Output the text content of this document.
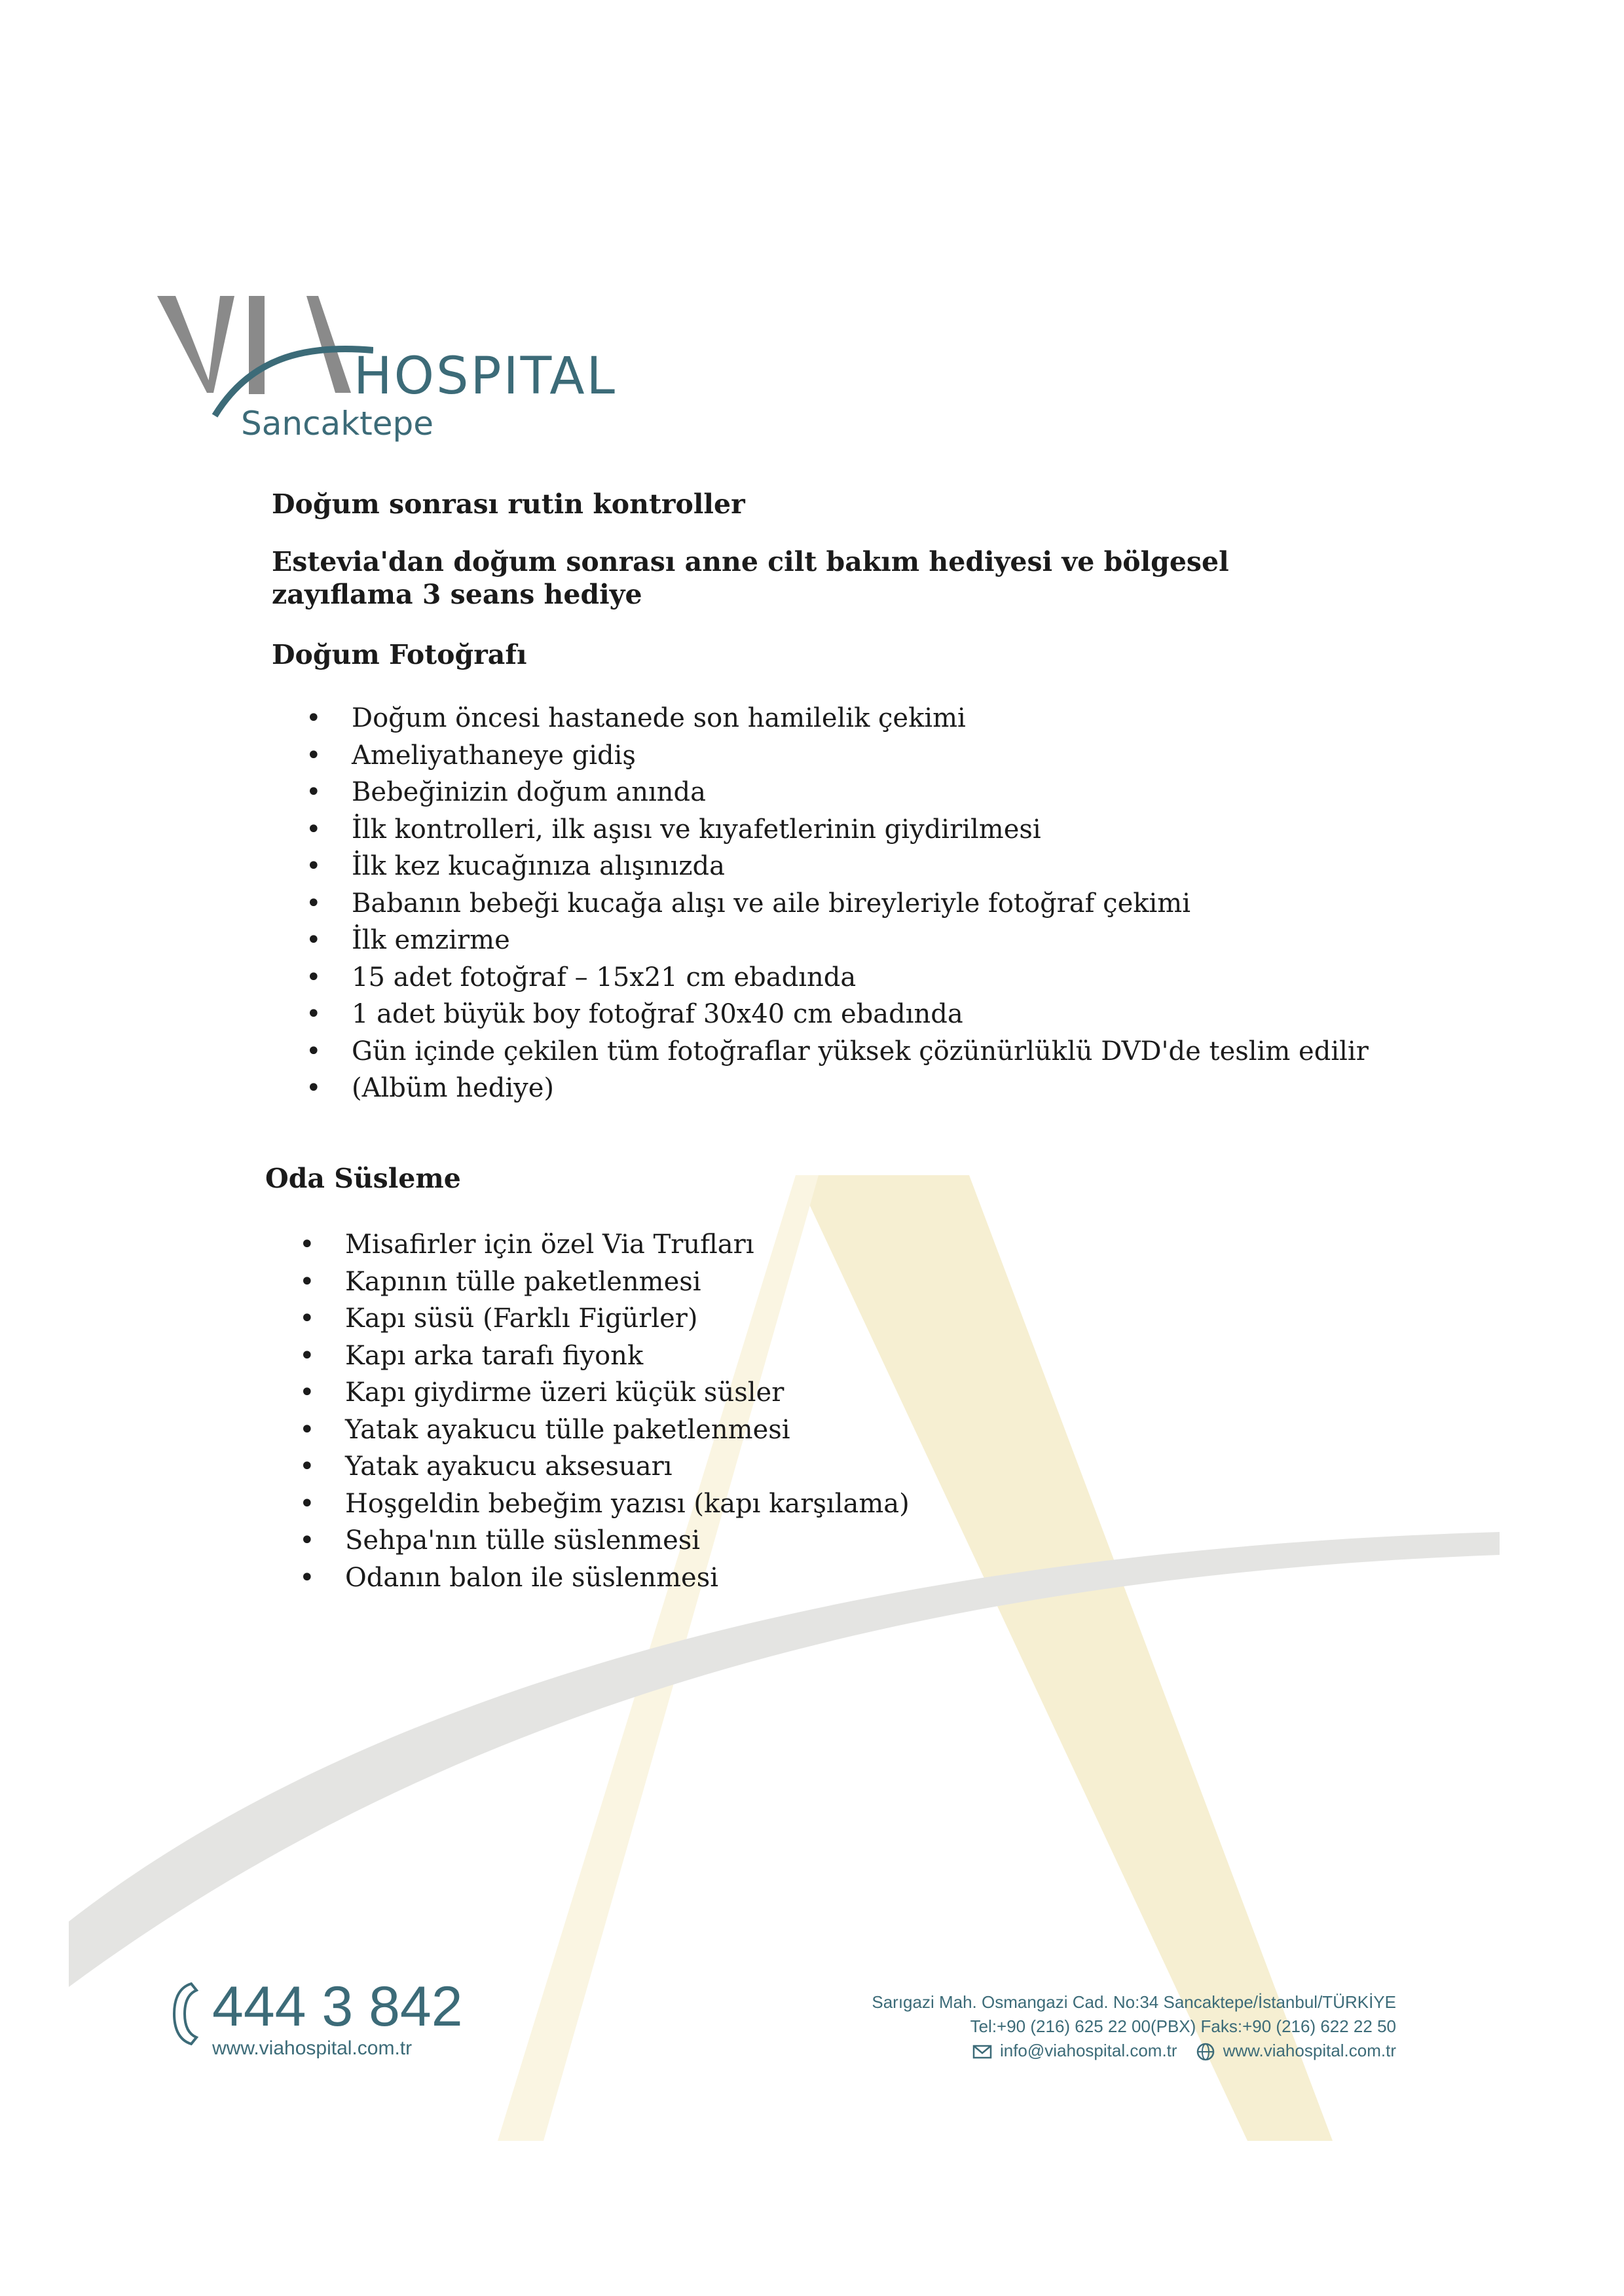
HOSPITAL
Sancaktepe

Doğum sonrası rutin kontroller

Estevia'dan doğum sonrası anne cilt bakım hediyesi ve bölgesel zayıflama 3 seans hediye

Doğum Fotoğrafı

• Doğum öncesi hastanede son hamilelik çekimi
• Ameliyathaneye gidiş
• Bebeğinizin doğum anında
• İlk kontrolleri, ilk aşısı ve kıyafetlerinin giydirilmesi
• İlk kez kucağınıza alışınızda
• Babanın bebeği kucağa alışı ve aile bireyleriyle fotoğraf çekimi
• İlk emzirme
• 15 adet fotoğraf – 15x21 cm ebadında
• 1 adet büyük boy fotoğraf 30x40 cm ebadında
• Gün içinde çekilen tüm fotoğraflar yüksek çözünürlüklü DVD'de teslim edilir
• (Albüm hediye)

Oda Süsleme

• Misafirler için özel Via Trufları
• Kapının tülle paketlenmesi
• Kapı süsü (Farklı Figürler)
• Kapı arka tarafı fiyonk
• Kapı giydirme üzeri küçük süsler
• Yatak ayakucu tülle paketlenmesi
• Yatak ayakucu aksesuarı
• Hoşgeldin bebeğim yazısı (kapı karşılama)
• Sehpa'nın tülle süslenmesi
• Odanın balon ile süslenmesi
444 3 842
www.viahospital.com.tr
Sarıgazi Mah. Osmangazi Cad. No:34 Sancaktepe/İstanbul/TÜRKİYE
Tel:+90 (216) 625 22 00(PBX) Faks:+90 (216) 622 22 50
info@viahospital.com.tr	www.viahospital.com.tr
